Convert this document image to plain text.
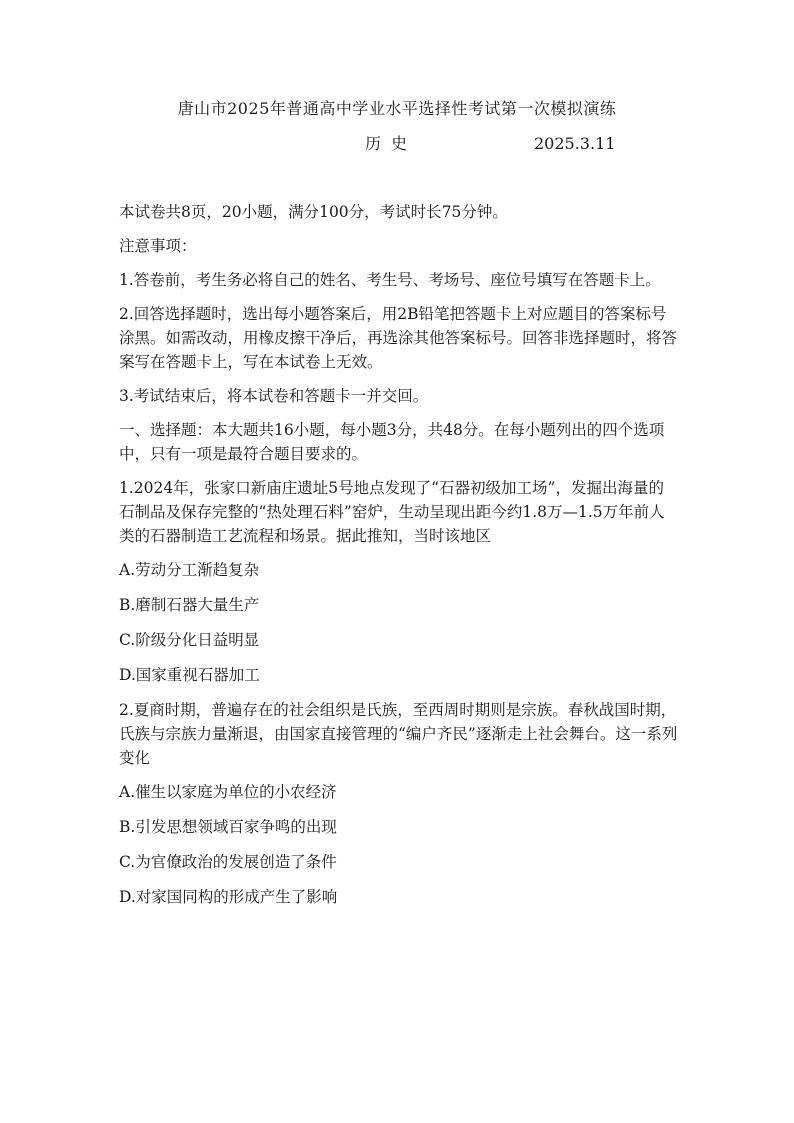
唐山市2025年普通高中学业水平选择性考试第一次模拟演练
历史	2025.3.11

本试卷共8页，20小题，满分100分，考试时长75分钟。

注意事项：

1.答卷前，考生务必将自己的姓名、考生号、考场号、座位号填写在答题卡上。

2.回答选择题时，选出每小题答案后，用2B铅笔把答题卡上对应题目的答案标号涂黑。如需改动，用橡皮擦干净后，再选涂其他答案标号。回答非选择题时，将答案写在答题卡上，写在本试卷上无效。

3.考试结束后，将本试卷和答题卡一并交回。

一、选择题：本大题共16小题，每小题3分，共48分。在每小题列出的四个选项中，只有一项是最符合题目要求的。

1.2024年，张家口新庙庄遗址5号地点发现了“石器初级加工场”，发掘出海量的石制品及保存完整的“热处理石料”窑炉，生动呈现出距今约1.8万—1.5万年前人类的石器制造工艺流程和场景。据此推知，当时该地区

A.劳动分工渐趋复杂

B.磨制石器大量生产

C.阶级分化日益明显

D.国家重视石器加工

2.夏商时期，普遍存在的社会组织是氏族，至西周时期则是宗族。春秋战国时期，氏族与宗族力量渐退，由国家直接管理的“编户齐民”逐渐走上社会舞台。这一系列变化

A.催生以家庭为单位的小农经济

B.引发思想领域百家争鸣的出现

C.为官僚政治的发展创造了条件

D.对家国同构的形成产生了影响
